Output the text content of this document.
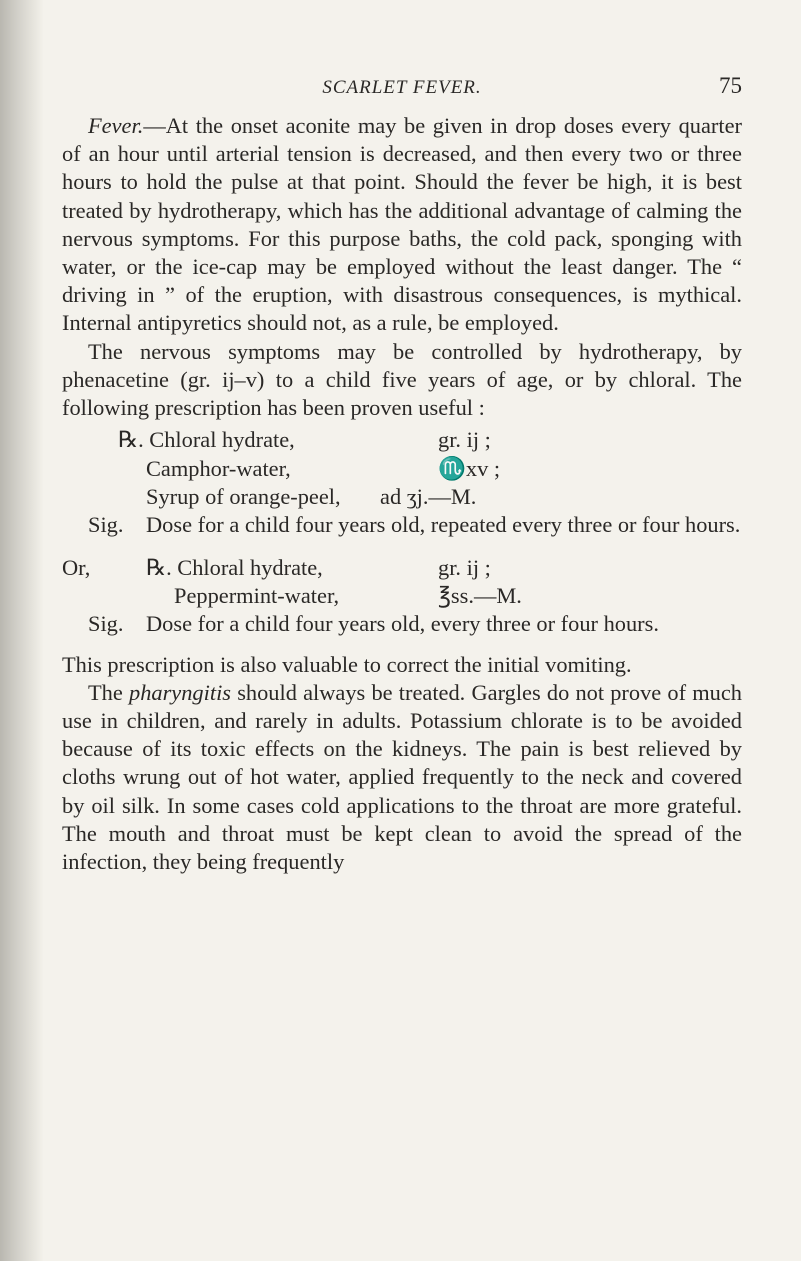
SCARLET FEVER.	75

Fever.—At the onset aconite may be given in drop doses every quarter of an hour until arterial tension is decreased, and then every two or three hours to hold the pulse at that point. Should the fever be high, it is best treated by hydrotherapy, which has the additional advantage of calming the nervous symptoms. For this purpose baths, the cold pack, sponging with water, or the ice-cap may be employed without the least danger. The “ driving in ” of the eruption, with disastrous consequences, is mythical. Internal antipyretics should not, as a rule, be employed.

The nervous symptoms may be controlled by hydrotherapy, by phenacetine (gr. ij–v) to a child five years of age, or by chloral. The following prescription has been proven useful :

℞. Chloral hydrate,	gr. ij ;
Camphor-water,	♏xv ;
Syrup of orange-peel,	ad ʒj.—M.
Sig.	Dose for a child four years old, repeated every three or four hours.
Or,	℞. Chloral hydrate,	gr. ij ;
Peppermint-water,	℥ss.—M.
Sig.	Dose for a child four years old, every three or four hours.

This prescription is also valuable to correct the initial vomiting.

The pharyngitis should always be treated. Gargles do not prove of much use in children, and rarely in adults. Potassium chlorate is to be avoided because of its toxic effects on the kidneys. The pain is best relieved by cloths wrung out of hot water, applied frequently to the neck and covered by oil silk. In some cases cold applications to the throat are more grateful. The mouth and throat must be kept clean to avoid the spread of the infection, they being frequently
